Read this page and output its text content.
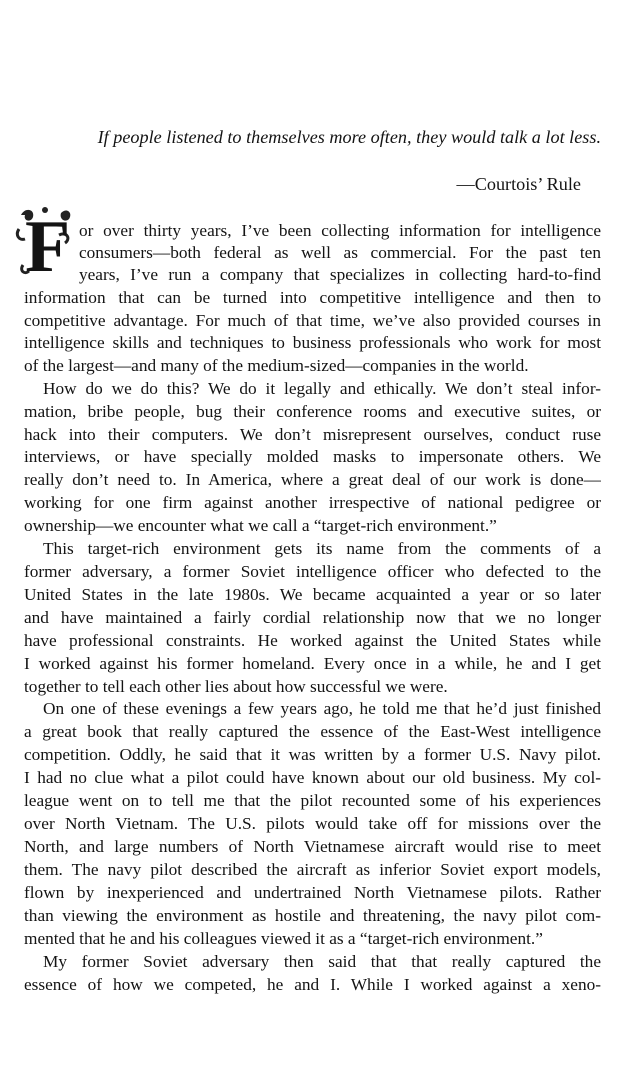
If people listened to themselves more often, they would talk a lot less.
—Courtois’ Rule
F or over thirty years, I’ve been collecting information for intelligence
consumers—both federal as well as commercial. For the past ten
years, I’ve run a company that specializes in collecting hard-to-find
information that can be turned into competitive intelligence and then to
competitive advantage. For much of that time, we’ve also provided courses in
intelligence skills and techniques to business professionals who work for most
of the largest—and many of the medium-sized—companies in the world.
How do we do this? We do it legally and ethically. We don’t steal infor-
mation, bribe people, bug their conference rooms and executive suites, or
hack into their computers. We don’t misrepresent ourselves, conduct ruse
interviews, or have specially molded masks to impersonate others. We
really don’t need to. In America, where a great deal of our work is done—
working for one firm against another irrespective of national pedigree or
ownership—we encounter what we call a “target-rich environment.”
This target-rich environment gets its name from the comments of a
former adversary, a former Soviet intelligence officer who defected to the
United States in the late 1980s. We became acquainted a year or so later
and have maintained a fairly cordial relationship now that we no longer
have professional constraints. He worked against the United States while
I worked against his former homeland. Every once in a while, he and I get
together to tell each other lies about how successful we were.
On one of these evenings a few years ago, he told me that he’d just finished
a great book that really captured the essence of the East-West intelligence
competition. Oddly, he said that it was written by a former U.S. Navy pilot.
I had no clue what a pilot could have known about our old business. My col-
league went on to tell me that the pilot recounted some of his experiences
over North Vietnam. The U.S. pilots would take off for missions over the
North, and large numbers of North Vietnamese aircraft would rise to meet
them. The navy pilot described the aircraft as inferior Soviet export models,
flown by inexperienced and undertrained North Vietnamese pilots. Rather
than viewing the environment as hostile and threatening, the navy pilot com-
mented that he and his colleagues viewed it as a “target-rich environment.”
My former Soviet adversary then said that that really captured the
essence of how we competed, he and I. While I worked against a xeno-
